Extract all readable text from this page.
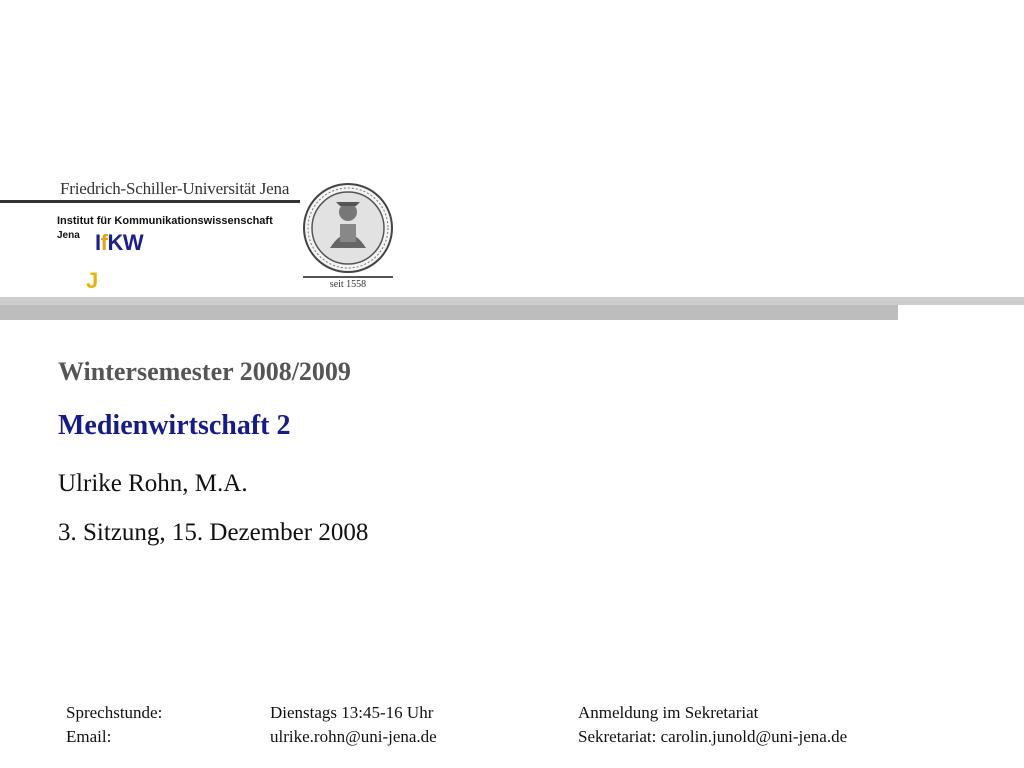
Friedrich-Schiller-Universität Jena
Institut für Kommunikationswissenschaft
Jena IfKW
J	seit 1558
Wintersemester 2008/2009
Medienwirtschaft 2
Ulrike Rohn, M.A.
3. Sitzung, 15. Dezember 2008
Sprechstunde:	Dienstags 13:45-16 Uhr	Anmeldung im Sekretariat
Email:	ulrike.rohn@uni-jena.de	Sekretariat: carolin.junold@uni-jena.de
